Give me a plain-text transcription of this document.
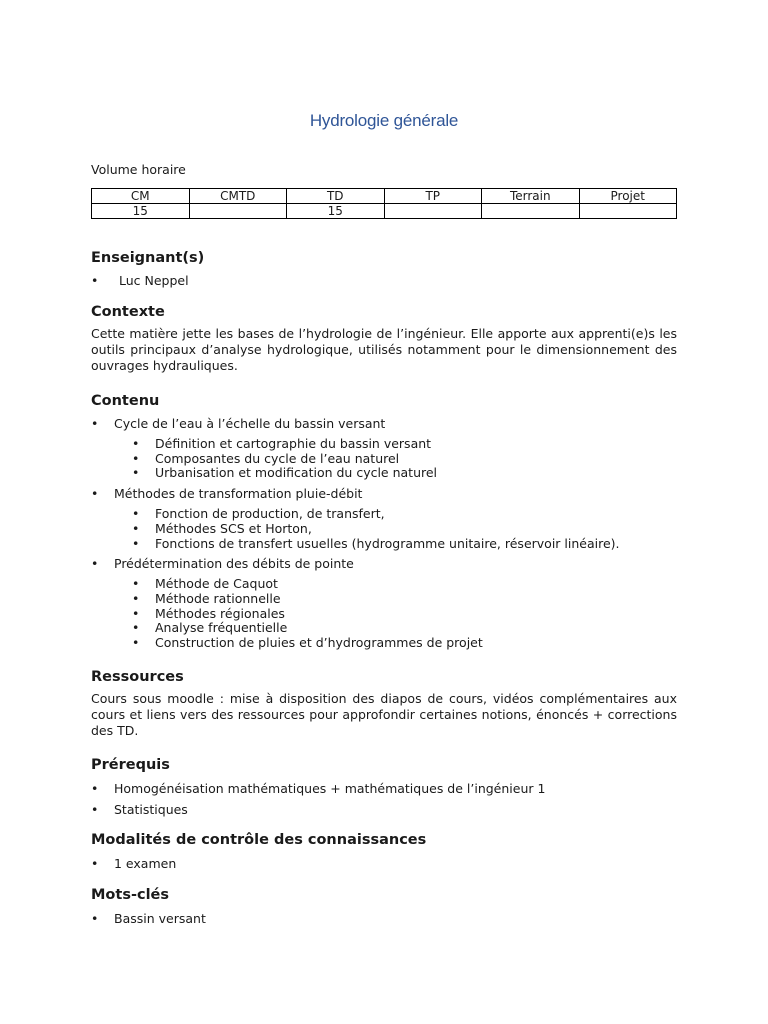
Hydrologie générale
Volume horaire
CM	CMTD	TD	TP	Terrain	Projet
15		15			
Enseignant(s)
• Luc Neppel
Contexte

Cette matière jette les bases de l’hydrologie de l’ingénieur. Elle apporte aux apprenti(e)s les outils principaux d’analyse hydrologique, utilisés notamment pour le dimensionnement des ouvrages hydrauliques.

Contenu
• Cycle de l’eau à l’échelle du bassin versant
• Définition et cartographie du bassin versant
• Composantes du cycle de l’eau naturel
• Urbanisation et modification du cycle naturel
• Méthodes de transformation pluie-débit
• Fonction de production, de transfert,
• Méthodes SCS et Horton,
• Fonctions de transfert usuelles (hydrogramme unitaire, réservoir linéaire).
• Prédétermination des débits de pointe
• Méthode de Caquot
• Méthode rationnelle
• Méthodes régionales
• Analyse fréquentielle
• Construction de pluies et d’hydrogrammes de projet
Ressources

Cours sous moodle : mise à disposition des diapos de cours, vidéos complémentaires aux cours et liens vers des ressources pour approfondir certaines notions, énoncés + corrections des TD.

Prérequis
• Homogénéisation mathématiques + mathématiques de l’ingénieur 1
• Statistiques
Modalités de contrôle des connaissances
• 1 examen
Mots-clés
• Bassin versant
